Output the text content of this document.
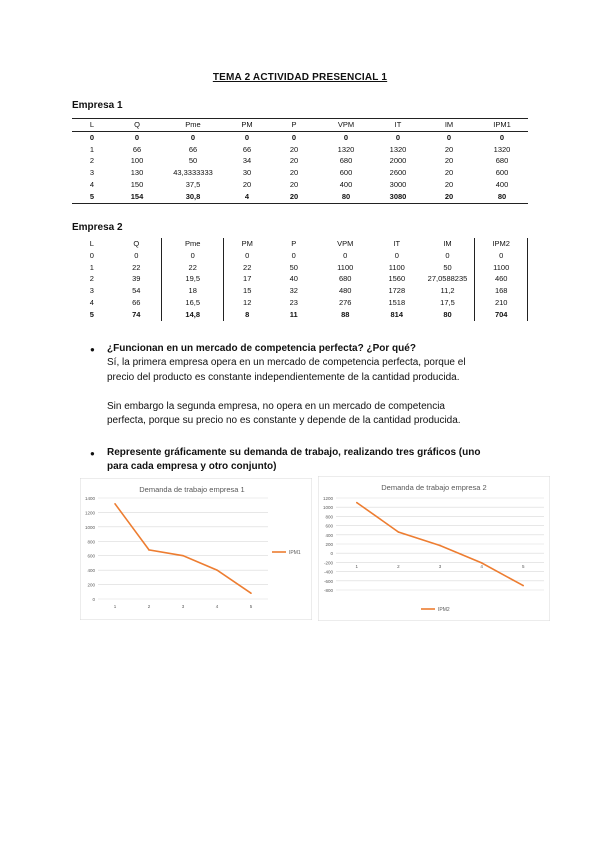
TEMA 2 ACTIVIDAD PRESENCIAL 1
Empresa 1
L	Q	Pme	PM	P	VPM	IT	IM	IPM1
0	0	0	0	0	0	0	0	0
1	66	66	66	20	1320	1320	20	1320
2	100	50	34	20	680	2000	20	680
3	130	43,3333333	30	20	600	2600	20	600
4	150	37,5	20	20	400	3000	20	400
5	154	30,8	4	20	80	3080	20	80
Empresa 2
L	Q	Pme	PM	P	VPM	IT	IM	IPM2
0	0	0	0	0	0	0	0	0
1	22	22	22	50	1100	1100	50	1100
2	39	19,5	17	40	680	1560	27,0588235	460
3	54	18	15	32	480	1728	11,2	168
4	66	16,5	12	23	276	1518	17,5	210
5	74	14,8	8	11	88	814	80	704
● ¿Funcionan en un mercado de competencia perfecta? ¿Por qué?
Sí, la primera empresa opera en un mercado de competencia perfecta, porque el
precio del producto es constante independientemente de la cantidad producida.
Sin embargo la segunda empresa, no opera en un mercado de competencia
perfecta, porque su precio no es constante y depende de la cantidad producida.
● Represente gráficamente su demanda de trabajo, realizando tres gráficos (uno
para cada empresa y otro conjunto)
Demanda de trabajo empresa 1
0
200
400
600
800
1000
1200
1400
1	2	3	4	5
IPM1
Demanda de trabajo empresa 2
-800
-600
-400
-200
0
200
400
600
800
1000
1200
1	2	3	4	5
IPM2
